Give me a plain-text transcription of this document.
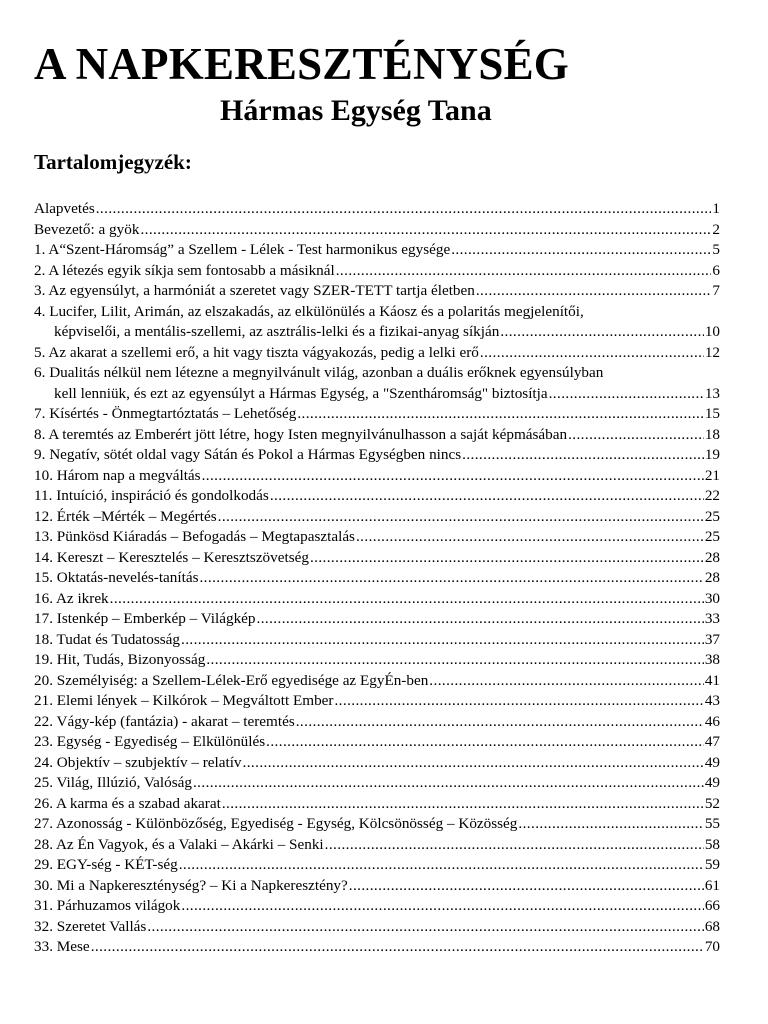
A NAPKERESZTÉNYSÉG
Hármas Egység Tana
Tartalomjegyzék:
Alapvetés .....	1
Bevezető: a gyök .....	2
1. A“Szent-Háromság” a Szellem - Lélek - Test harmonikus egysége .....	5
2. A létezés egyik síkja sem fontosabb a másiknál .....	6
3. Az egyensúlyt, a harmóniát a szeretet vagy SZER-TETT tartja életben .....	7
4. Lucifer, Lilit, Arimán, az elszakadás, az elkülönülés a Káosz és a polaritás megjelenítői,
képviselői, a mentális-szellemi, az asztrális-lelki és a fizikai-anyag síkján .....	10
5. Az akarat a szellemi erő, a hit vagy tiszta vágyakozás, pedig a lelki erő .....	12
6. Dualitás nélkül nem létezne a megnyilvánult világ, azonban a duális erőknek egyensúlyban
kell lenniük, és ezt az egyensúlyt a Hármas Egység, a "Szentháromság" biztosítja .....	13
7. Kísértés - Önmegtartóztatás – Lehetőség .....	15
8. A teremtés az Emberért jött létre, hogy Isten megnyilvánulhasson a saját képmásában .....	18
9. Negatív, sötét oldal vagy Sátán és Pokol a Hármas Egységben nincs .....	19
10. Három nap a megváltás .....	21
11. Intuíció, inspiráció és gondolkodás .....	22
12. Érték –Mérték – Megértés .....	25
13. Pünkösd Kiáradás – Befogadás – Megtapasztalás .....	25
14. Kereszt – Keresztelés – Keresztszövetség .....	28
15. Oktatás-nevelés-tanítás .....	28
16. Az ikrek .....	30
17. Istenkép – Emberkép – Világkép .....	33
18. Tudat és Tudatosság .....	37
19. Hit, Tudás, Bizonyosság .....	38
20. Személyiség: a Szellem-Lélek-Erő egyedisége az EgyÉn-ben .....	41
21. Elemi lények – Kilkórok – Megváltott Ember .....	43
22. Vágy-kép (fantázia) - akarat – teremtés .....	46
23. Egység - Egyediség – Elkülönülés .....	47
24. Objektív – szubjektív – relatív .....	49
25. Világ, Illúzió, Valóság .....	49
26. A karma és a szabad akarat .....	52
27. Azonosság - Különbözőség, Egyediség - Egység, Kölcsönösség – Közösség .....	55
28. Az Én Vagyok, és a Valaki – Akárki – Senki .....	58
29. EGY-ség - KÉT-ség .....	59
30. Mi a Napkereszténység? – Ki a Napkeresztény? .....	61
31. Párhuzamos világok .....	66
32. Szeretet Vallás .....	68
33. Mese .....	70
